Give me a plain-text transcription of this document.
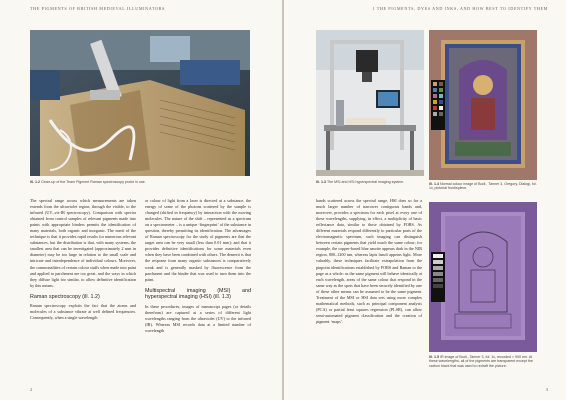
THE PIGMENTS OF BRITISH MEDIEVAL ILLUMINATORS
Ill. 1.2 Close-up of the Team Pigment Raman spectroscopy probe in use.

The spectral range across which measurements are taken extends from the ultraviolet region, through the visible, to the infrared (UV–vis-IR spectroscopy). Comparison with spectra obtained from control samples of relevant pigments made into paints with appropriate binders permits the identification of many materials, both organic and inorganic. The merit of the technique is that it provides rapid results for numerous relevant substances, but the distribution is that, with many systems, the smallest area that can be investigated (approximately 2 mm in diameter) may be too large in relation to the small scale and intricate and interdependence of individual colours. Moreover, the commonalities of certain colour stuffs when made into paint and applied to parchment are too great, and the ways in which they diffuse light too similar, to allow definitive identification by this means.

Raman spectroscopy (ill. 1.2)

Raman spectroscopy exploits the fact that the atoms and molecules of a substance vibrate at well defined frequencies. Consequently, when a single wavelength

or colour of light from a laser is directed at a substance, the energy of some of the photons scattered by the sample is changed (shifted in frequency) by interaction with the moving molecules. The nature of the shift – represented as a spectrum on a spectrometer – is a unique ‘fingerprint’ of the substance in question, thereby permitting its identification. The advantages of Raman spectroscopy for the study of pigments are that the target area can be very small (less than 0.01 mm); and that it provides definitive identifications for some materials even when they have been combined with others. The demerit is that the response from many organic substances is comparatively weak and is generally masked by fluorescence from the parchment and the binder that was used to turn them into the paint.

Multispectral imaging (MSI) and hyperspectral imaging (HSI) (ill. 1.3)

In these procedures, images of manuscript pages (or details therefrom) are captured at a series of different light wavelengths ranging from the ultraviolet (UV) to the infrared (IR). Whereas MSI records data at a limited number of wavelength

2
1 THE PIGMENTS, DYES AND INKS, AND HOW BEST TO IDENTIFY THEM
Ill. 1.3 The MSI and HSI hyperspectral imaging system.	Ill. 1.4 Normal colour image of Bodl., Tanner 3, Gregory, Dialogi, fol. 1v, pictorial frontispiece.
Ill. 1.5 IR image of Bodl., Tanner 3, fol. 1v, recorded > 900 nm. At these wavelengths, all of the pigments are transparent except the carbon black that was used to redraft the picture.

bands scattered across the spectral range, HSI does so for a much larger number of narrower contiguous bands and, moreover, provides a spectrum for each pixel at every one of these wavelengths, supplying, in effect, a multiplicity of basic reflectance data, similar to those obtained by FORS. As different materials respond differently to particular parts of the electromagnetic spectrum, such imaging can distinguish between certain pigments that yield much the same colour; for example, the copper-based blue azurite appears dark in the NIR region, 800–1200 nm, whereas lapis lazuli appears light. More valuably, these techniques facilitate extrapolation from the pinpoint identifications established by FORS and Raman to the page as a whole: as the same pigment will behave identically at each wavelength, areas of the same colour that respond in the same way as the spots that have been securely identified by one of these other means can be assumed to be the same pigment. Treatment of the MSI or HSI data sets using more complex mathematical methods, such as principal component analysis (PCA) or partial least squares regression (PLSR), can allow semi-automated pigment classification and the creation of pigment ‘maps’.

3
